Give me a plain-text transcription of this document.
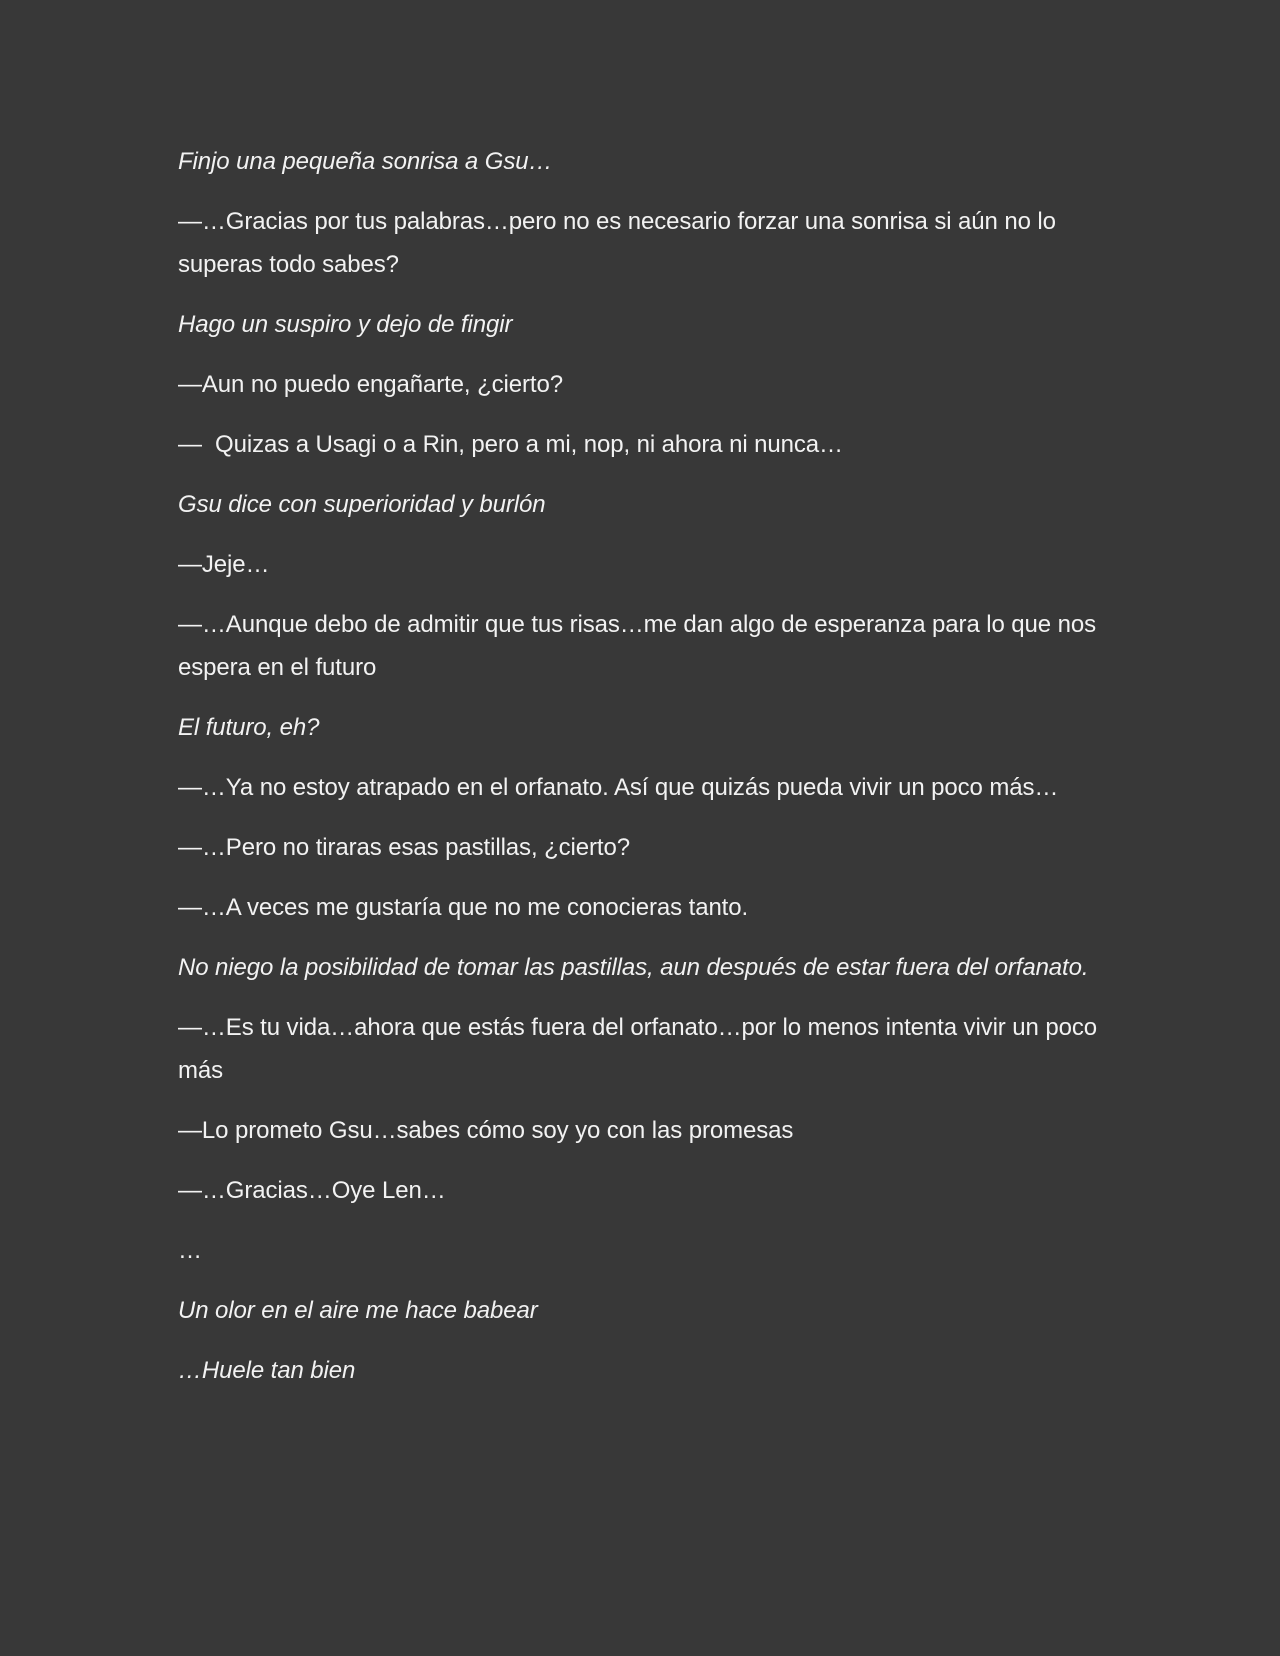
Finjo una pequeña sonrisa a Gsu…

—…Gracias por tus palabras…pero no es necesario forzar una sonrisa si aún no lo superas todo sabes?

Hago un suspiro y dejo de fingir

—Aun no puedo engañarte, ¿cierto?

—  Quizas a Usagi o a Rin, pero a mi, nop, ni ahora ni nunca…

Gsu dice con superioridad y burlón

—Jeje…

—…Aunque debo de admitir que tus risas…me dan algo de esperanza para lo que nos espera en el futuro

El futuro, eh?

—…Ya no estoy atrapado en el orfanato. Así que quizás pueda vivir un poco más…

—…Pero no tiraras esas pastillas, ¿cierto?

—…A veces me gustaría que no me conocieras tanto.

No niego la posibilidad de tomar las pastillas, aun después de estar fuera del orfanato.

—…Es tu vida…ahora que estás fuera del orfanato…por lo menos intenta vivir un poco más

—Lo prometo Gsu…sabes cómo soy yo con las promesas

—…Gracias…Oye Len…

…

Un olor en el aire me hace babear

…Huele tan bien
